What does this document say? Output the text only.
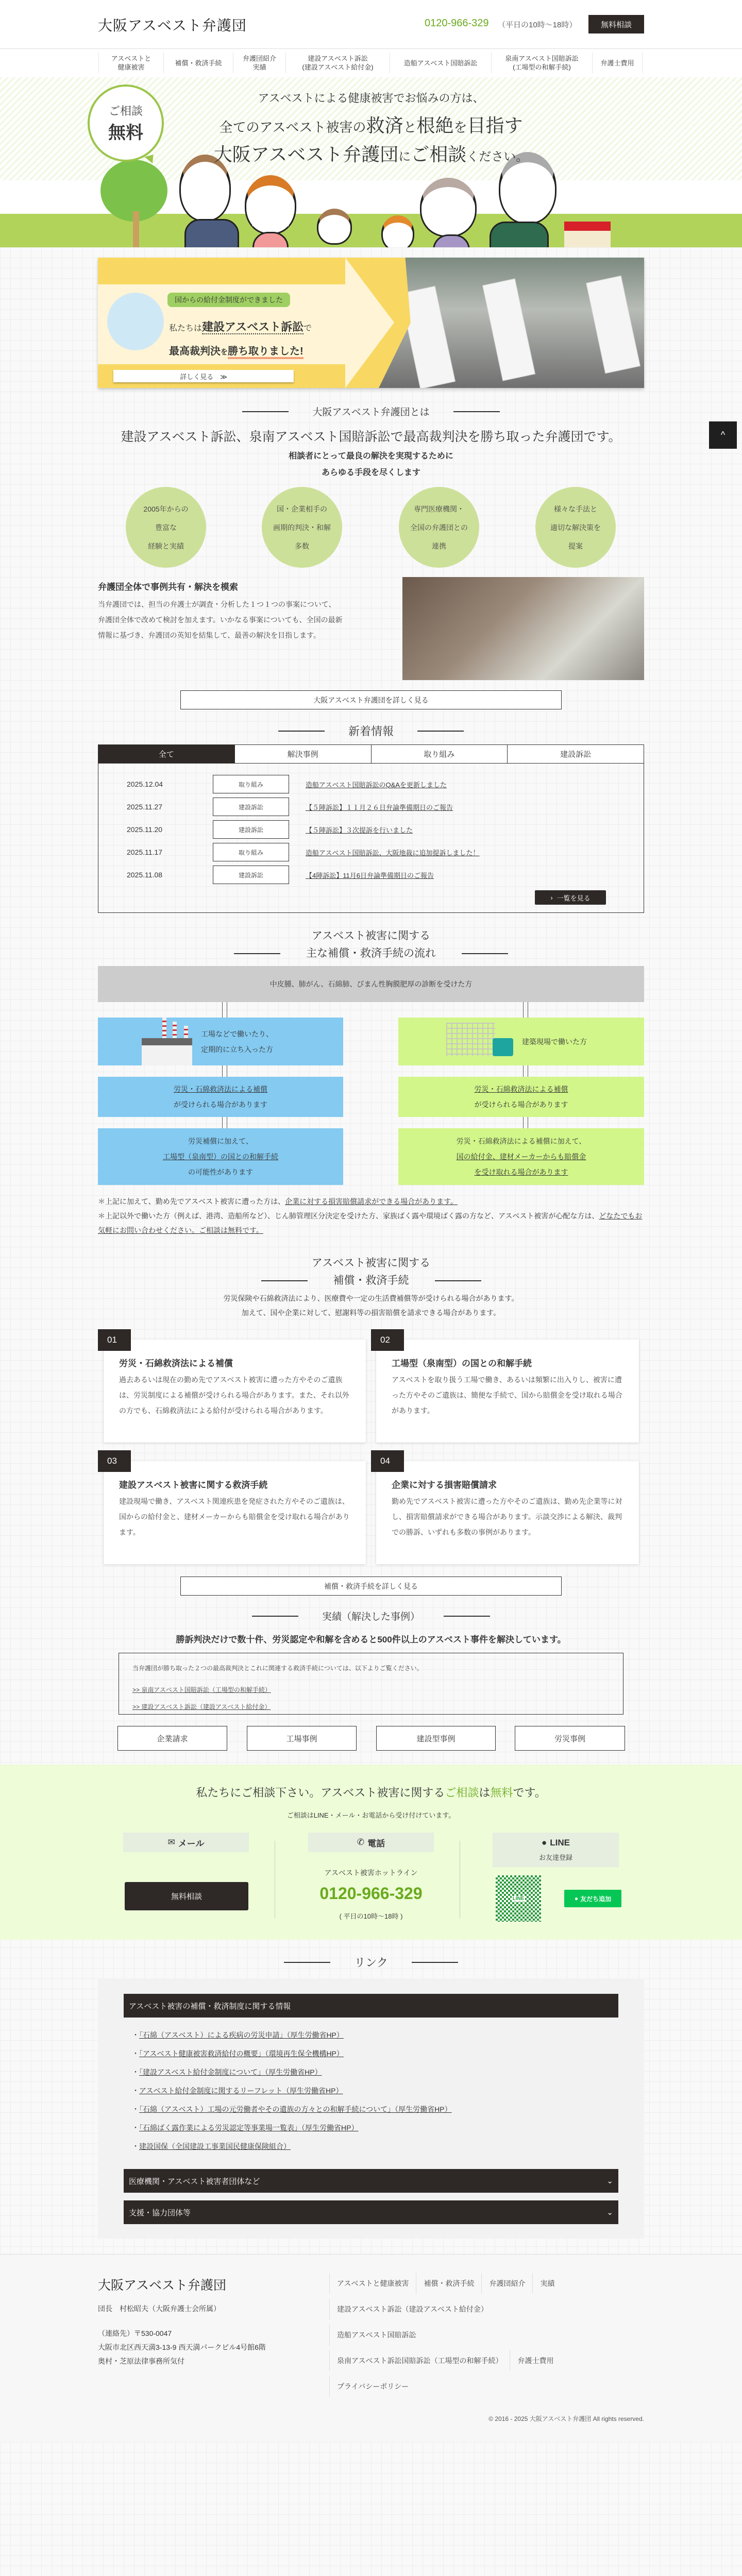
大阪アスベスト弁護団	0120-966-329 （平日の10時〜18時）	無料相談
アスベストと
健康被害
補償・救済手続
弁護団紹介
実績
建設アスベスト訴訟
(建設アスベスト給付金)
造船アスベスト国賠訴訟
泉南アスベスト国賠訴訟
(工場型の和解手続)
弁護士費用
ご相談
無料
アスベストによる健康被害でお悩みの方は、
全てのアスベスト被害の救済と根絶を目指す
大阪アスベスト弁護団にご相談ください。
国からの給付金制度ができました
私たちは建設アスベスト訴訟で
最高裁判決を勝ち取りました!
詳しく見る　≫
^
大阪アスベスト弁護団とは
建設アスベスト訴訟、泉南アスベスト国賠訴訟で最高裁判決を勝ち取った弁護団です。
相談者にとって最良の解決を実現するために
あらゆる手段を尽くします
2005年からの
豊富な
経験と実績
国・企業相手の
画期的判決・和解
多数
専門医療機関・
全国の弁護団との
連携
様々な手法と
適切な解決策を
提案
弁護団全体で事例共有・解決を模索
当弁護団では、担当の弁護士が調査・分析した１つ１つの事案について、弁護団全体で改めて検討を加えます。いかなる事案についても、全国の最新情報に基づき、弁護団の英知を結集して、最善の解決を目指します。
大阪アスベスト弁護団を詳しく見る
新着情報
全て	解決事例	取り組み	建設訴訟
2025.12.04	取り組み	造船アスベスト国賠訴訟のQ&Aを更新しました
2025.11.27	建設訴訟	【５陣訴訟】１１月２６日弁論準備期日のご報告
2025.11.20	建設訴訟	【５陣訴訟】３次提訴を行いました
2025.11.17	取り組み	造船アスベスト国賠訴訟、大阪地裁に追加提訴しました！
2025.11.08	建設訴訟	【4陣訴訟】11月6日弁論準備期日のご報告
› 一覧を見る
アスベスト被害に関する
主な補償・救済手続の流れ
中皮腫、肺がん、石綿肺、びまん性胸膜肥厚の診断を受けた方
工場などで働いたり、
定期的に立ち入った方
建築現場で働いた方
労災・石綿救済法による補償
が受けられる場合があります
労災・石綿救済法による補償
が受けられる場合があります
労災補償に加えて、
工場型（泉南型）の国との和解手続
の可能性があります
労災・石綿救済法による補償に加えて、
国の給付金、建材メーカーからも賠償金
を受け取れる場合があります
＊上記に加えて、勤め先でアスベスト被害に遭った方は、企業に対する損害賠償請求ができる場合があります。
＊上記以外で働いた方（例えば、港湾、造船所など）、じん肺管理区分決定を受けた方、家族ばく露や環境ばく露の方など、アスベスト被害が心配な方は、どなたでもお気軽にお問い合わせください。ご相談は無料です。
アスベスト被害に関する
補償・救済手続
労災保険や石綿救済法により、医療費や一定の生活費補償等が受けられる場合があります。
加えて、国や企業に対して、慰謝料等の損害賠償を請求できる場合があります。
労災・石綿救済法による補償

過去あるいは現在の勤め先でアスベスト被害に遭った方やそのご遺族は、労災制度による補償が受けられる場合があります。また、それ以外の方でも、石綿救済法による給付が受けられる場合があります。

01
工場型（泉南型）の国との和解手続

アスベストを取り扱う工場で働き、あるいは頻繁に出入りし、被害に遭った方やそのご遺族は、簡便な手続で、国から賠償金を受け取れる場合があります。

02
建設アスベスト被害に関する救済手続

建設現場で働き、アスベスト関連疾患を発症された方やそのご遺族は、国からの給付金と、建材メーカーからも賠償金を受け取れる場合があります。

03
企業に対する損害賠償請求

勤め先でアスベスト被害に遭った方やそのご遺族は、勤め先企業等に対し、損害賠償請求ができる場合があります。示談交渉による解決、裁判での勝訴、いずれも多数の事例があります。

04
補償・救済手続を詳しく見る
実績（解決した事例）
勝訴判決だけで数十件、労災認定や和解を含めると500件以上のアスベスト事件を解決しています。
当弁護団が勝ち取った２つの最高裁判決とこれに関連する救済手続については、以下よりご覧ください。
>> 泉南アスベスト国賠訴訟（工場型の和解手続）
>> 建設アスベスト訴訟（建設アスベスト給付金）
企業請求	工場事例	建設型事例	労災事例
私たちにご相談下さい。アスベスト被害に関するご相談は無料です。
ご相談はLINE・メール・お電話から受け付けています。
✉ メール	✆ 電話	● LINE
お友達登録
無料相談
アスベスト被害ホットライン
0120-966-329
( 平日の10時〜18時 )
LINE	● 友だち追加
リンク
アスベスト被害の補償・救済制度に関する情報
・「石綿（アスベスト）による疾病の労災申請」（厚生労働省HP）
・「アスベスト健康被害救済給付の概要」（環境再生保全機構HP）
・「建設アスベスト給付金制度について」（厚生労働省HP）
・アスベスト給付金制度に関するリーフレット（厚生労働省HP）
・「石綿（アスベスト）工場の元労働者やその遺族の方々との和解手続について」（厚生労働省HP）
・「石綿ばく露作業による労災認定等事業場一覧表」（厚生労働省HP）
・建設国保（全国建設工事業国民健康保険組合）
医療機関・アスベスト被害者団体など	⌄
支援・協力団体等	⌄
大阪アスベスト弁護団
団長　村松昭夫（大阪弁護士会所属）
（連絡先）〒530-0047
大阪市北区西天満3-13-9 西天満パークビル4号館6階
奥村・芝原法律事務所気付
アスベストと健康被害	補償・救済手続	弁護団紹介	実績
建設アスベスト訴訟（建設アスベスト給付金）
造船アスベスト国賠訴訟
泉南アスベスト訴訟国賠訴訟（工場型の和解手続）	弁護士費用
プライバシーポリシー
© 2016 - 2025 大阪アスベスト弁護団 All rights reserved.
